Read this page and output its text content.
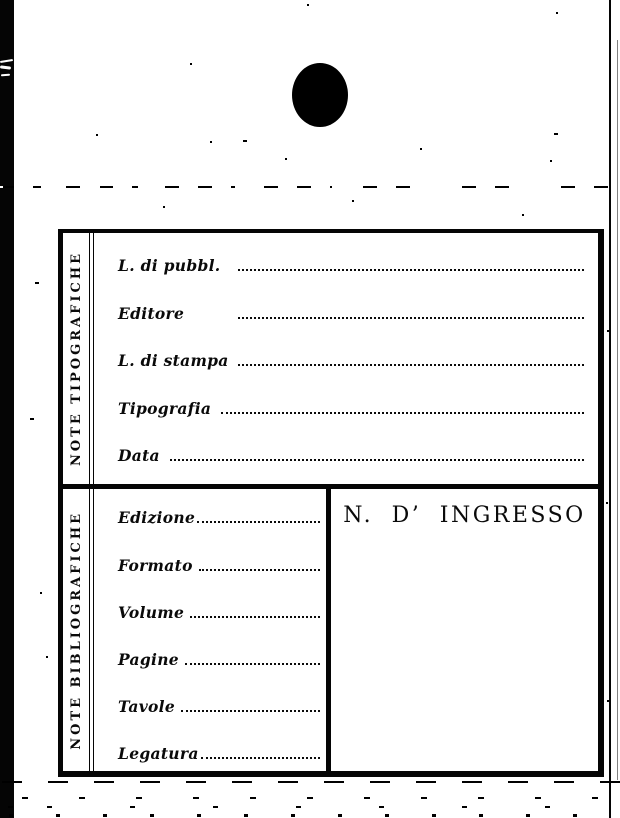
NOTE TIPOGRAFICHE L. di pubbl.
Editore
L. di stampa
Tipografia
Data
NOTE BIBLIOGRAFICHE Edizione
Formato
Volume
Pagine
Tavole
Legatura
N. D’ INGRESSO
